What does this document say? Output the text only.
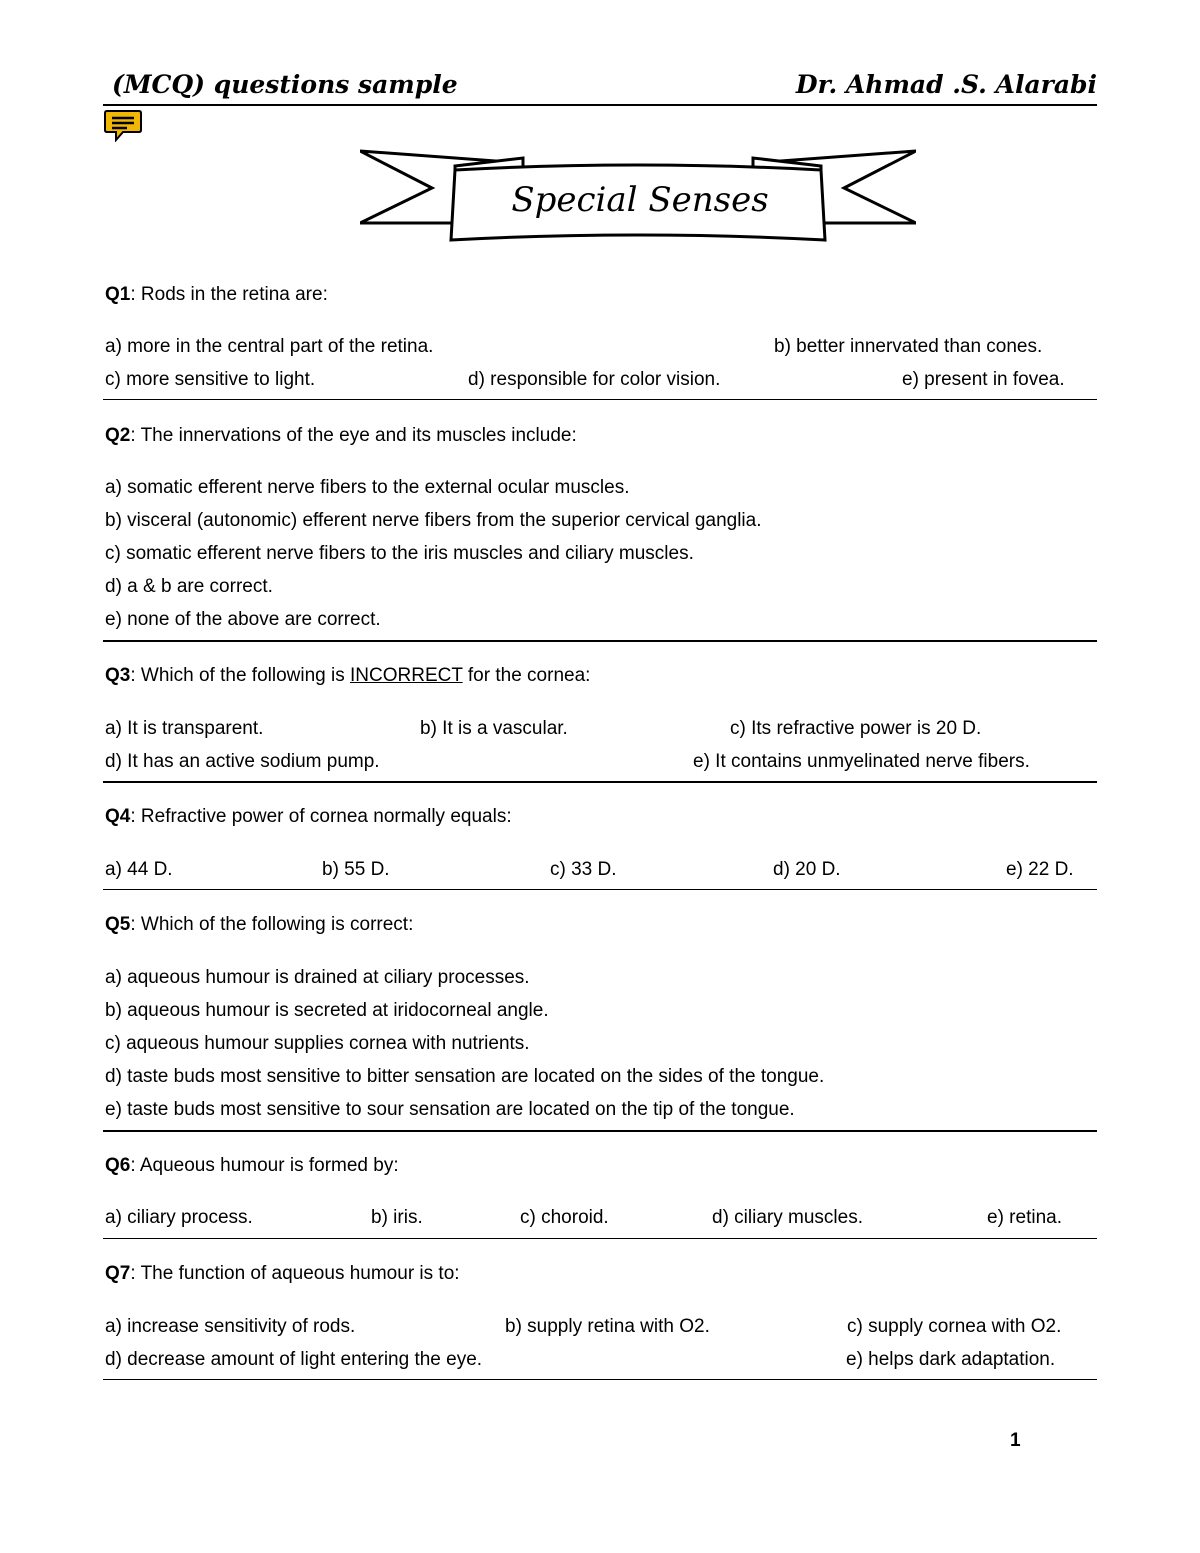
(MCQ) questions sample	Dr. Ahmad .S. Alarabi
Special Senses
Q1: Rods in the retina are:
a) more in the central part of the retina.	b) better innervated than cones.
c) more sensitive to light.	d) responsible for color vision.	e) present in fovea.
Q2: The innervations of the eye and its muscles include:
a) somatic efferent nerve fibers to the external ocular muscles.
b) visceral (autonomic) efferent nerve fibers from the superior cervical ganglia.
c) somatic efferent nerve fibers to the iris muscles and ciliary muscles.
d) a & b are correct.
e) none of the above are correct.
Q3: Which of the following is INCORRECT for the cornea:
a) It is transparent.	b) It is a vascular.	c) Its refractive power is 20 D.
d) It has an active sodium pump.	e) It contains unmyelinated nerve fibers.
Q4: Refractive power of cornea normally equals:
a) 44 D.	b) 55 D.	c) 33 D.	d) 20 D.	e) 22 D.
Q5: Which of the following is correct:
a) aqueous humour is drained at ciliary processes.
b) aqueous humour is secreted at iridocorneal angle.
c) aqueous humour supplies cornea with nutrients.
d) taste buds most sensitive to bitter sensation are located on the sides of the tongue.
e) taste buds most sensitive to sour sensation are located on the tip of the tongue.
Q6: Aqueous humour is formed by:
a) ciliary process.	b) iris.	c) choroid.	d) ciliary muscles.	e) retina.
Q7: The function of aqueous humour is to:
a) increase sensitivity of rods.	b) supply retina with O2.	c) supply cornea with O2.
d) decrease amount of light entering the eye.	e) helps dark adaptation.
1
